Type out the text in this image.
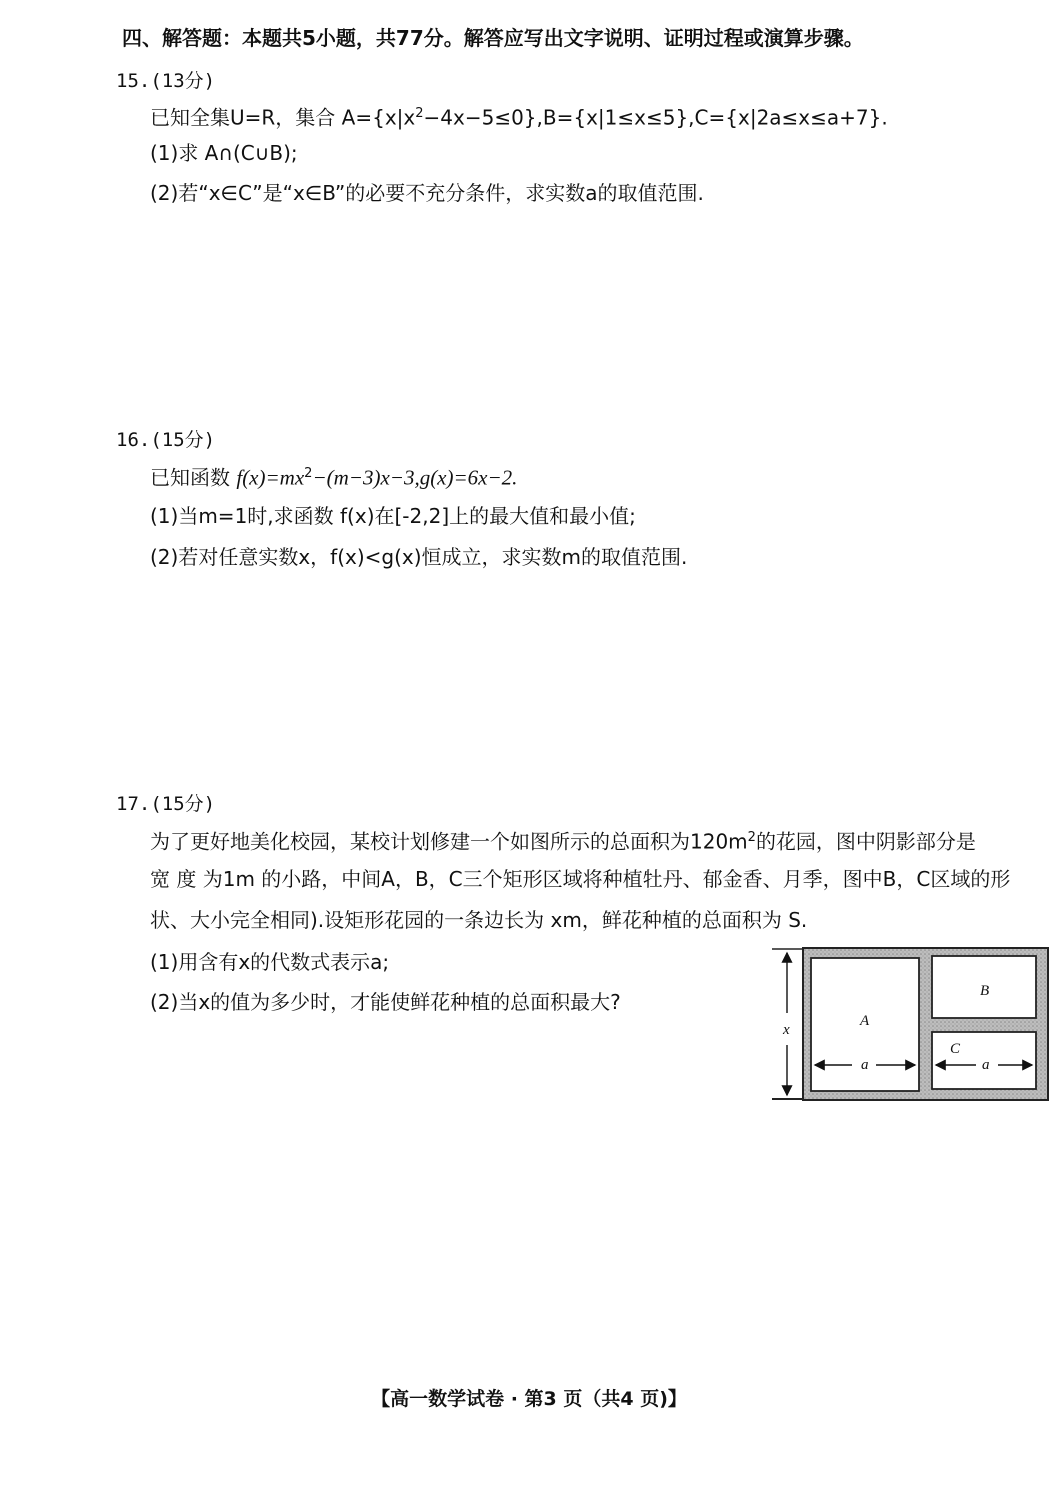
四、解答题：本题共5小题，共77分。解答应写出文字说明、证明过程或演算步骤。
15.(13分)
已知全集U=R，集合 $A=\{x|x^2-4x-5\le 0\},B=\{x|1\le x\le 5\},C=\{x|2a\le x\le a+7\}$.
(1)求 A∩(C∪B);
(2)若“x∈C”是“x∈B”的必要不充分条件，求实数a的取值范围.
16.(15分)
已知函数 $f(x)=mx^2-(m-3)x-3,g(x)=6x-2$.
(1)当m=1时,求函数 f(x)在[-2,2]上的最大值和最小值;
(2)若对任意实数x，f(x)<g(x)恒成立，求实数m的取值范围.
17.(15分)
为了更好地美化校园，某校计划修建一个如图所示的总面积为$120m^2$的花园，图中阴影部分是
宽 度 为1m 的小路，中间A，B，C三个矩形区域将种植牡丹、郁金香、月季，图中B，C区域的形
状、大小完全相同).设矩形花园的一条边长为 xm，鲜花种植的总面积为 S.
(1)用含有x的代数式表示a;
(2)当x的值为多少时，才能使鲜花种植的总面积最大?
x
A
B
C
a	a
【高一数学试卷 · 第3 页（共4 页)】
